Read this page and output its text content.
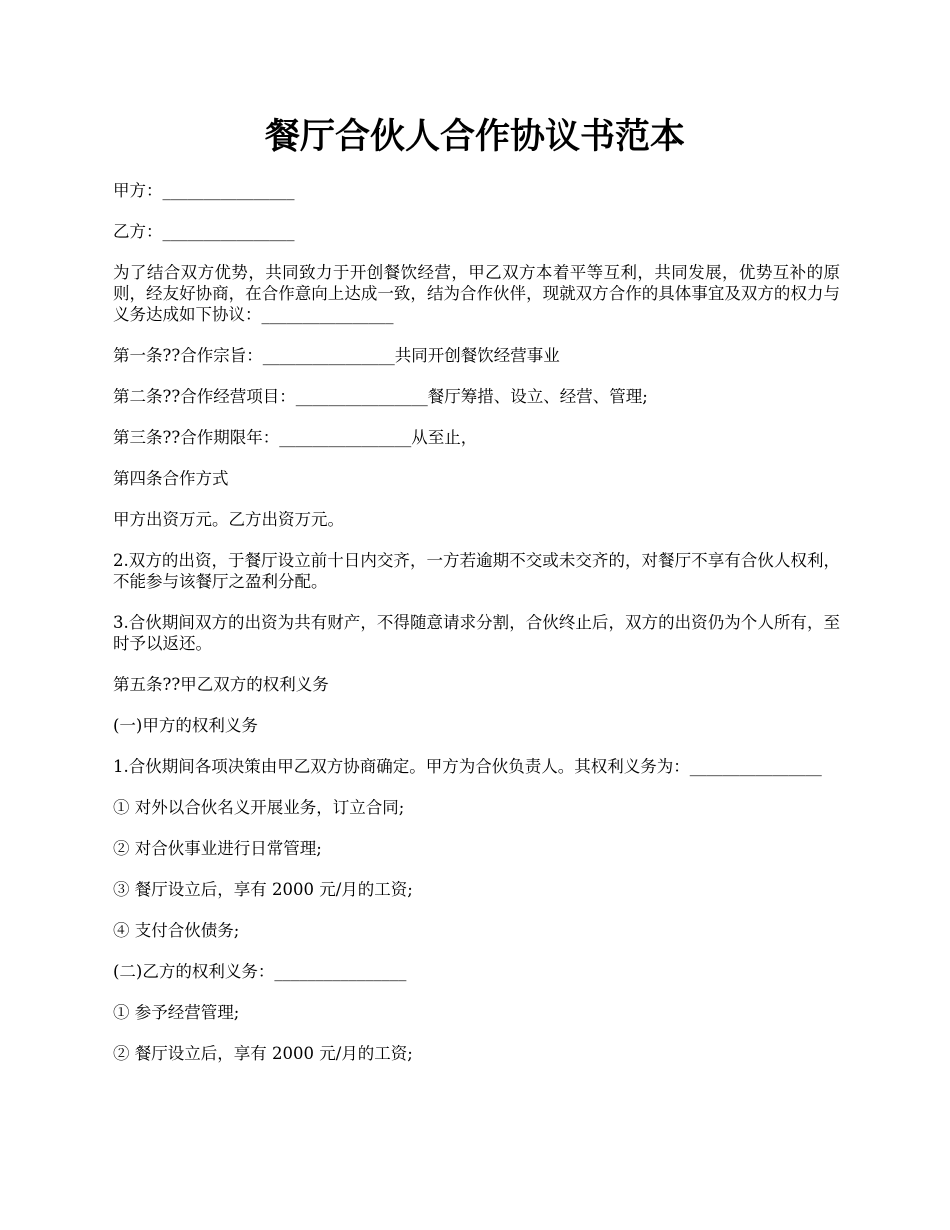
餐厅合伙人合作协议书范本

甲方：________________

乙方：________________

为了结合双方优势，共同致力于开创餐饮经营，甲乙双方本着平等互利，共同发展，优势互补的原则，经友好协商，在合作意向上达成一致，结为合作伙伴，现就双方合作的具体事宜及双方的权力与义务达成如下协议：________________

第一条??合作宗旨：________________共同开创餐饮经营事业

第二条??合作经营项目：________________餐厅筹措、设立、经营、管理;

第三条??合作期限年：________________从至止，

第四条合作方式

甲方出资万元。乙方出资万元。

2.双方的出资，于餐厅设立前十日内交齐，一方若逾期不交或未交齐的，对餐厅不享有合伙人权利，不能参与该餐厅之盈利分配。

3.合伙期间双方的出资为共有财产，不得随意请求分割，合伙终止后，双方的出资仍为个人所有，至时予以返还。

第五条??甲乙双方的权利义务

(一)甲方的权利义务

1.合伙期间各项决策由甲乙双方协商确定。甲方为合伙负责人。其权利义务为：________________

① 对外以合伙名义开展业务，订立合同;

② 对合伙事业进行日常管理;

③ 餐厅设立后，享有 2000 元/月的工资;

④ 支付合伙债务;

(二)乙方的权利义务：________________

① 参予经营管理;

② 餐厅设立后，享有 2000 元/月的工资;
